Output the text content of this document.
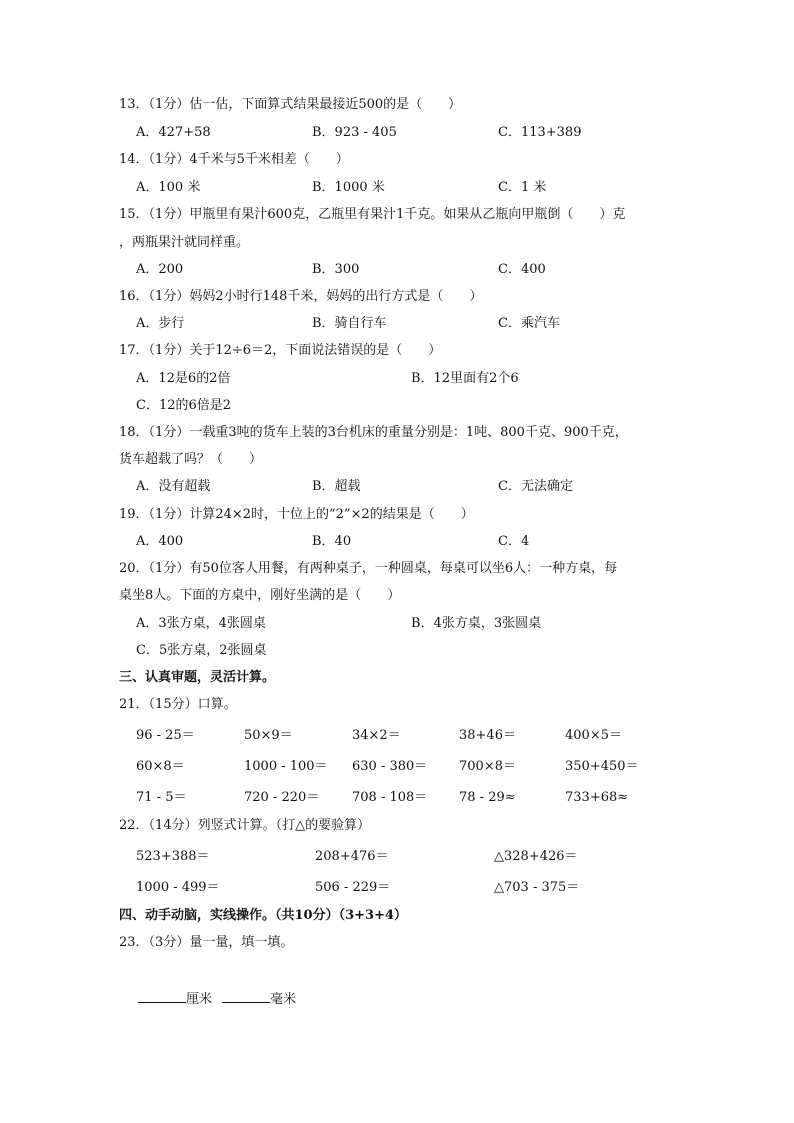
13．（1分）估一估，下面算式结果最接近500的是（　　）
A．427+58	B．923 - 405	C．113+389
14．（1分）4千米与5千米相差（　　）
A．100 米	B．1000 米	C．1 米
15．（1分）甲瓶里有果汁600克，乙瓶里有果汁1千克。如果从乙瓶向甲瓶倒（　　）克
，两瓶果汁就同样重。
A．200	B．300	C．400
16．（1分）妈妈2小时行148千米，妈妈的出行方式是（　　）
A．步行	B．骑自行车	C．乘汽车
17．（1分）关于12÷6＝2，下面说法错误的是（　　）
A．12是6的2倍	B．12里面有2个6
C．12的6倍是2
18．（1分）一载重3吨的货车上装的3台机床的重量分别是：1吨、800千克、900千克，
货车超载了吗？（　　）
A．没有超载	B．超载	C．无法确定
19．（1分）计算24×2时，十位上的“2”×2的结果是（　　）
A．400	B．40	C．4
20．（1分）有50位客人用餐，有两种桌子，一种圆桌，每桌可以坐6人：一种方桌，每
桌坐8人。下面的方桌中，刚好坐满的是（　　）
A．3张方桌，4张圆桌	B．4张方桌，3张圆桌
C．5张方桌，2张圆桌
三、认真审题，灵活计算。
21．（15分）口算。
96 - 25＝	50×9＝	34×2＝	38+46＝	400×5＝
60×8＝	1000 - 100＝ 630 - 380＝ 700×8＝	350+450＝
71 - 5＝	720 - 220＝	708 - 108＝ 78 - 29≈	733+68≈
22．（14分）列竖式计算。（打△的要验算）
523+388＝	208+476＝	△328+426＝
1000 - 499＝	506 - 229＝	△703 - 375＝
四、动手动脑，实线操作。（共10分）（3+3+4）
23．（3分）量一量，填一填。
厘米	毫米
